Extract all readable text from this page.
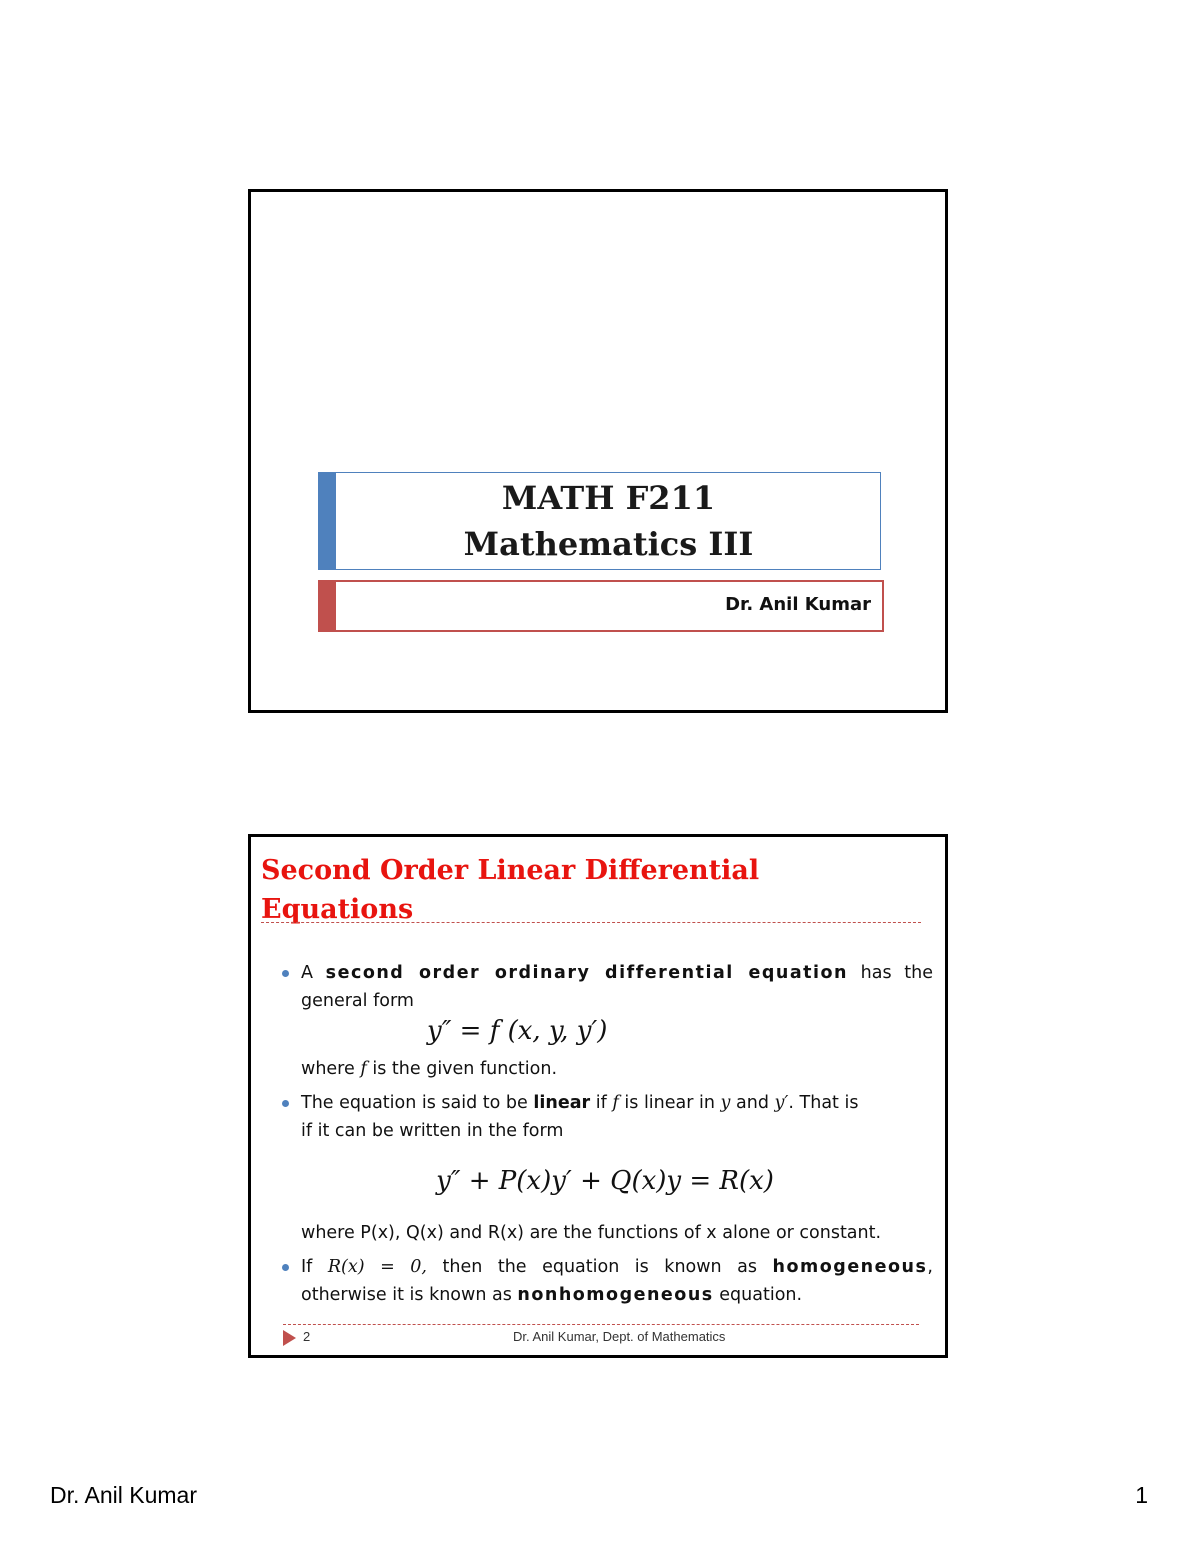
MATH F211
Mathematics III
Dr. Anil Kumar
Second Order Linear Differential
Equations
A second order ordinary differential equation has the
general form
y″ = f (x, y, y′)
where f is the given function.
The equation is said to be linear if f is linear in y and y′. That is
if it can be written in the form
y″ + P(x)y′ + Q(x)y = R(x)
where P(x), Q(x) and R(x) are the functions of x alone or constant.
If R(x) = 0, then the equation is known as homogeneous,
otherwise it is known as nonhomogeneous equation.
2	Dr. Anil Kumar, Dept. of Mathematics
Dr. Anil Kumar	1
